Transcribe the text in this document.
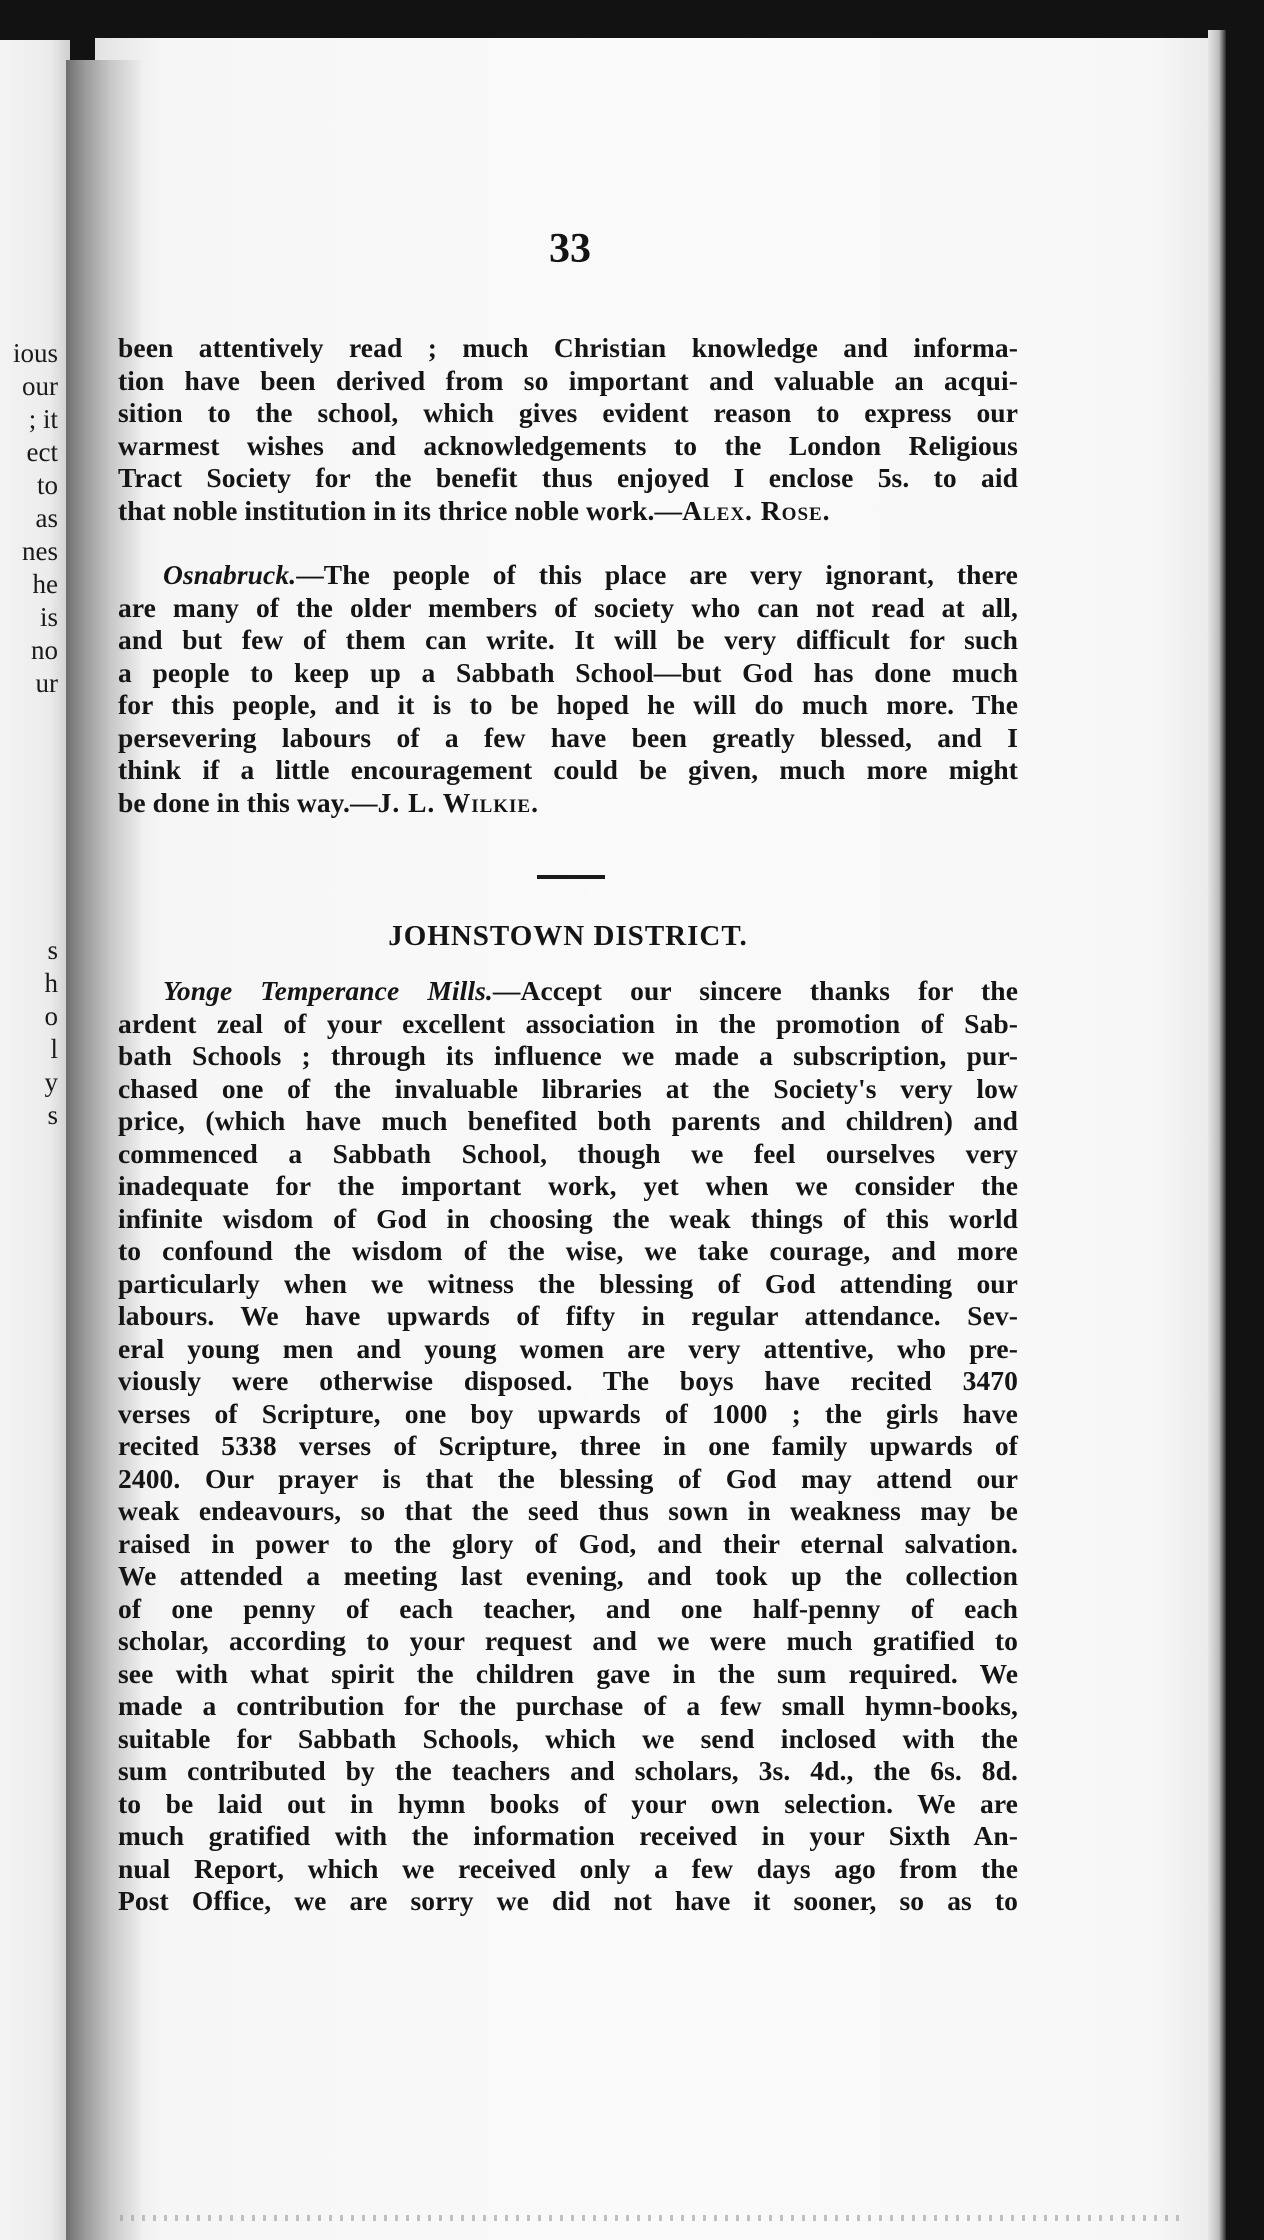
ious
our
; it
ect
to
as
nes
he
is
no
ur
s
h
o
l
y
s
33
been attentively read ; much Christian knowledge and informa-
tion have been derived from so important and valuable an acqui-
sition to the school, which gives evident reason to express our
warmest wishes and acknowledgements to the London Religious
Tract Society for the benefit thus enjoyed I enclose 5s. to aid
that noble institution in its thrice noble work.—Alex. Rose.
Osnabruck.—The people of this place are very ignorant, there
are many of the older members of society who can not read at all,
and but few of them can write. It will be very difficult for such
a people to keep up a Sabbath School—but God has done much
for this people, and it is to be hoped he will do much more. The
persevering labours of a few have been greatly blessed, and I
think if a little encouragement could be given, much more might
be done in this way.—J. L. Wilkie.
JOHNSTOWN DISTRICT.
Yonge Temperance Mills.—Accept our sincere thanks for the
ardent zeal of your excellent association in the promotion of Sab-
bath Schools ; through its influence we made a subscription, pur-
chased one of the invaluable libraries at the Society's very low
price, (which have much benefited both parents and children) and
commenced a Sabbath School, though we feel ourselves very
inadequate for the important work, yet when we consider the
infinite wisdom of God in choosing the weak things of this world
to confound the wisdom of the wise, we take courage, and more
particularly when we witness the blessing of God attending our
labours. We have upwards of fifty in regular attendance. Sev-
eral young men and young women are very attentive, who pre-
viously were otherwise disposed. The boys have recited 3470
verses of Scripture, one boy upwards of 1000 ; the girls have
recited 5338 verses of Scripture, three in one family upwards of
2400. Our prayer is that the blessing of God may attend our
weak endeavours, so that the seed thus sown in weakness may be
raised in power to the glory of God, and their eternal salvation.
We attended a meeting last evening, and took up the collection
of one penny of each teacher, and one half-penny of each
scholar, according to your request and we were much gratified to
see with what spirit the children gave in the sum required. We
made a contribution for the purchase of a few small hymn-books,
suitable for Sabbath Schools, which we send inclosed with the
sum contributed by the teachers and scholars, 3s. 4d., the 6s. 8d.
to be laid out in hymn books of your own selection. We are
much gratified with the information received in your Sixth An-
nual Report, which we received only a few days ago from the
Post Office, we are sorry we did not have it sooner, so as to
